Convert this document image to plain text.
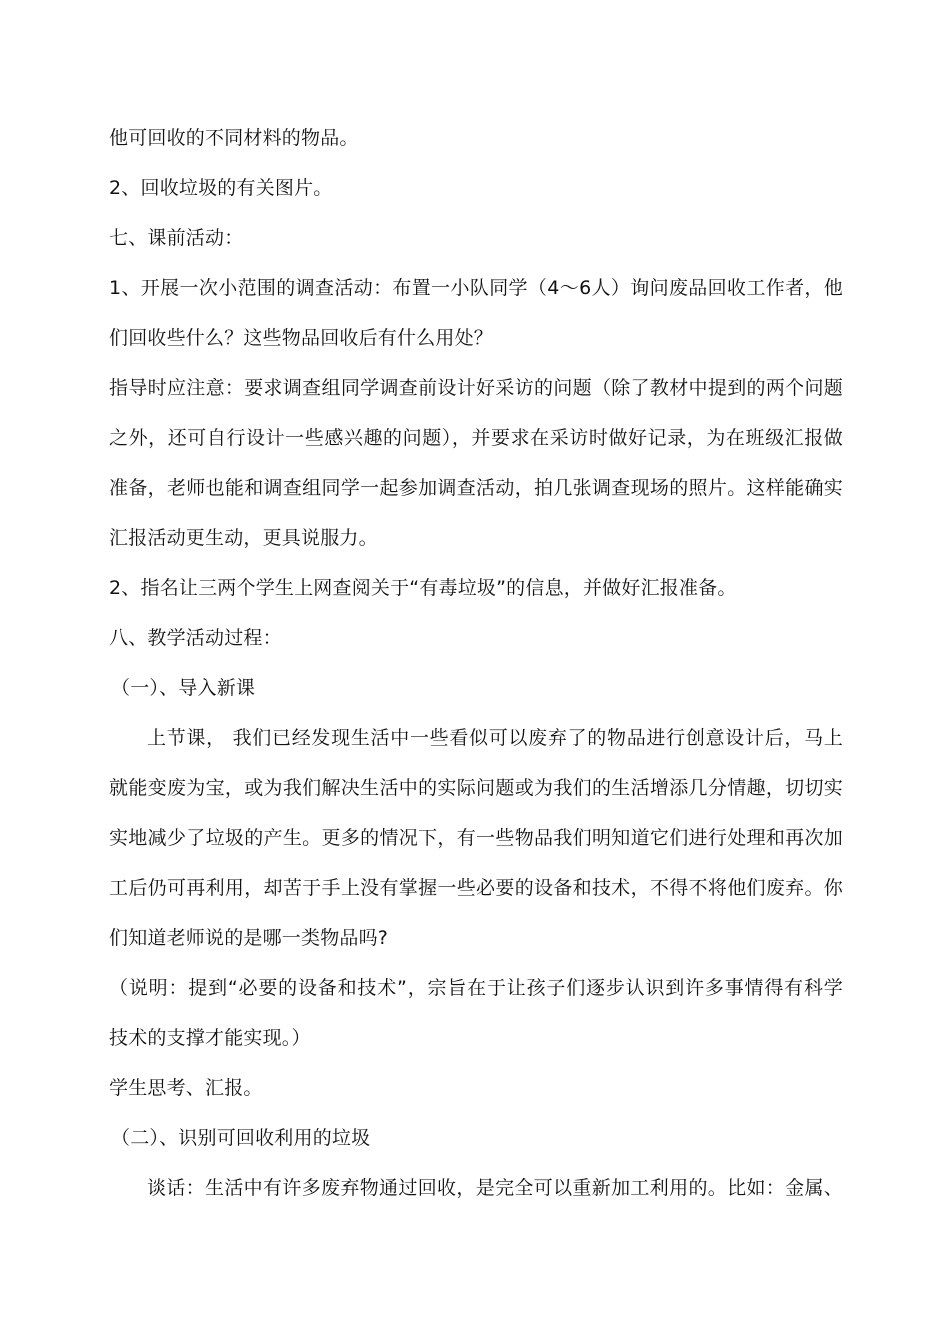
他可回收的不同材料的物品。
2、回收垃圾的有关图片。
七、课前活动：
1、开展一次小范围的调查活动：布置一小队同学（4～6人）询问废品回收工作者，他
们回收些什么？这些物品回收后有什么用处？
指导时应注意：要求调查组同学调查前设计好采访的问题（除了教材中提到的两个问题
之外，还可自行设计一些感兴趣的问题），并要求在采访时做好记录，为在班级汇报做
准备，老师也能和调查组同学一起参加调查活动，拍几张调查现场的照片。这样能确实
汇报活动更生动，更具说服力。
2、指名让三两个学生上网查阅关于“有毒垃圾”的信息，并做好汇报准备。
八、教学活动过程：
（一）、导入新课
上节课， 我们已经发现生活中一些看似可以废弃了的物品进行创意设计后，马上
就能变废为宝，或为我们解决生活中的实际问题或为我们的生活增添几分情趣，切切实
实地减少了垃圾的产生。更多的情况下，有一些物品我们明知道它们进行处理和再次加
工后仍可再利用，却苦于手上没有掌握一些必要的设备和技术，不得不将他们废弃。你
们知道老师说的是哪一类物品吗?
（说明：提到“必要的设备和技术”，宗旨在于让孩子们逐步认识到许多事情得有科学
技术的支撑才能实现。）
学生思考、汇报。
（二）、识别可回收利用的垃圾
谈话：生活中有许多废弃物通过回收，是完全可以重新加工利用的。比如：金属、
